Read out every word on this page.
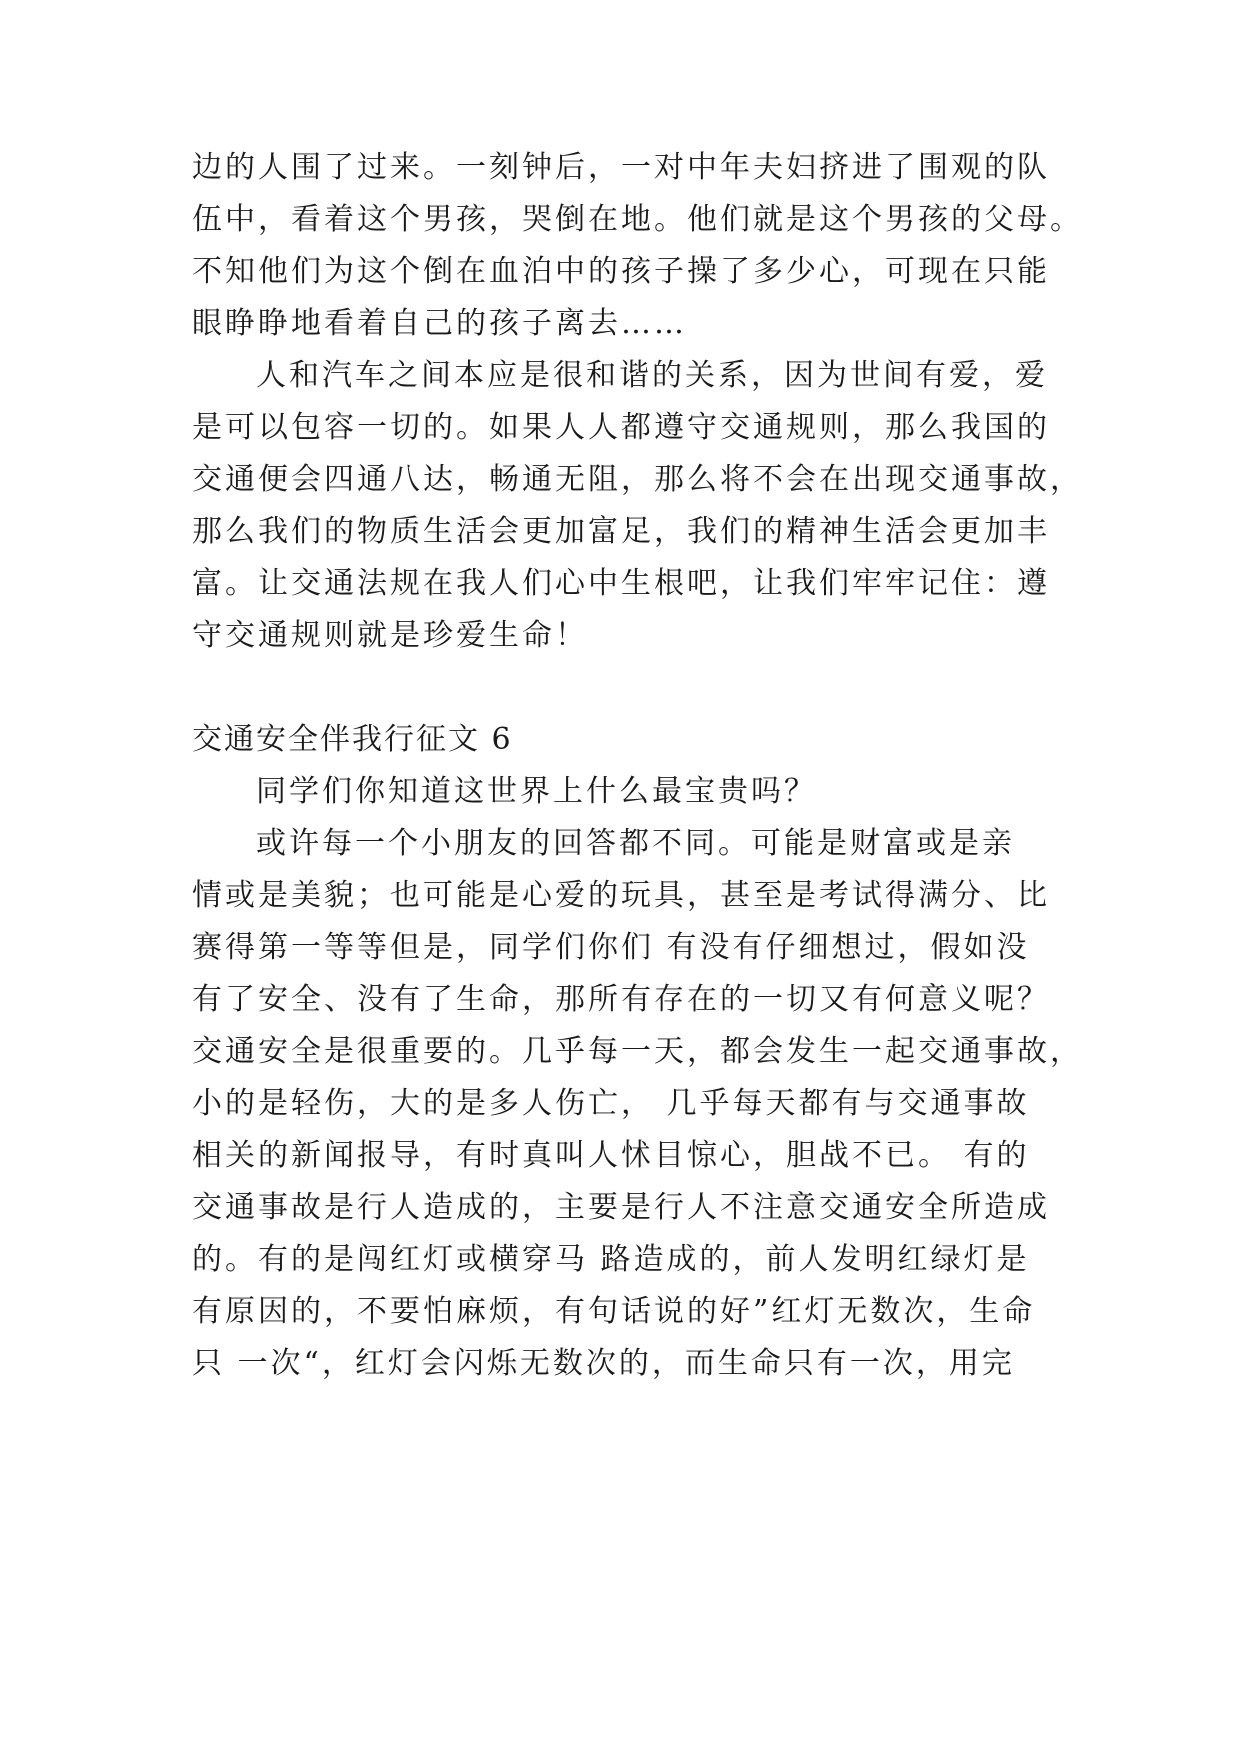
边的人围了过来。一刻钟后，一对中年夫妇挤进了围观的队
伍中，看着这个男孩，哭倒在地。他们就是这个男孩的父母。
不知他们为这个倒在血泊中的孩子操了多少心，可现在只能
眼睁睁地看着自己的孩子离去……
人和汽车之间本应是很和谐的关系，因为世间有爱，爱
是可以包容一切的。如果人人都遵守交通规则，那么我国的
交通便会四通八达，畅通无阻，那么将不会在出现交通事故，
那么我们的物质生活会更加富足，我们的精神生活会更加丰
富。让交通法规在我人们心中生根吧，让我们牢牢记住：遵
守交通规则就是珍爱生命！
交通安全伴我行征文 6
同学们你知道这世界上什么最宝贵吗？
或许每一个小朋友的回答都不同。可能是财富或是亲
情或是美貌；也可能是心爱的玩具，甚至是考试得满分、比
赛得第一等等但是，同学们你们 有没有仔细想过，假如没
有了安全、没有了生命，那所有存在的一切又有何意义呢？
交通安全是很重要的。几乎每一天，都会发生一起交通事故，
小的是轻伤，大的是多人伤亡， 几乎每天都有与交通事故
相关的新闻报导，有时真叫人怵目惊心，胆战不已。 有的
交通事故是行人造成的，主要是行人不注意交通安全所造成
的。有的是闯红灯或横穿马 路造成的，前人发明红绿灯是
有原因的，不要怕麻烦，有句话说的好”红灯无数次，生命
只 一次“，红灯会闪烁无数次的，而生命只有一次，用完
